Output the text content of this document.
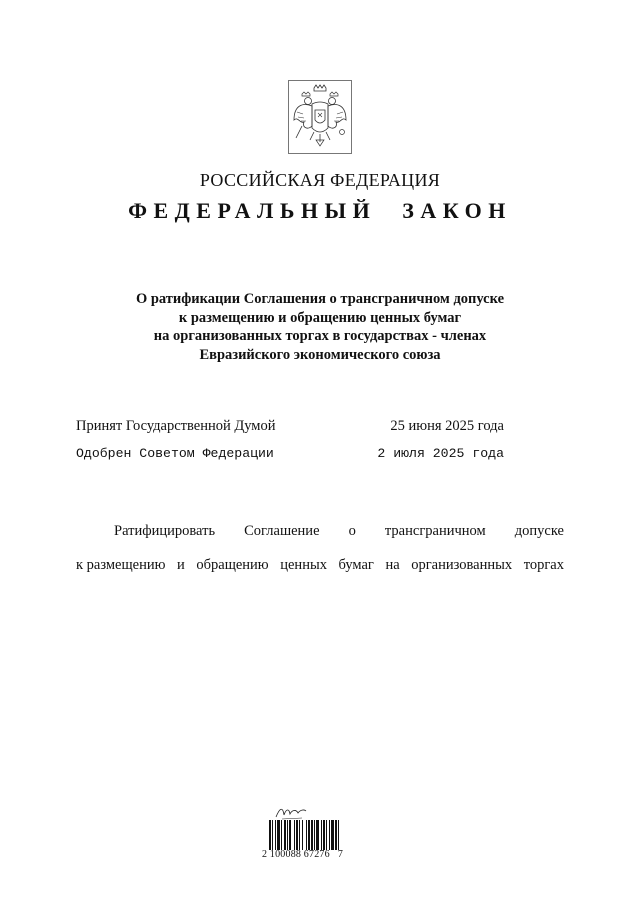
РОССИЙСКАЯ ФЕДЕРАЦИЯ
ФЕДЕРАЛЬНЫЙ ЗАКОН
О ратификации Соглашения о трансграничном допуске
к размещению и обращению ценных бумаг
на организованных торгах в государствах - членах
Евразийского экономического союза
Принят Государственной Думой	25 июня 2025 года
Одобрен Советом Федерации	2 июля 2025 года
Ратифицировать Соглашение о трансграничном допуске
к размещению и обращению ценных бумаг на организованных торгах
2 100088 67276   7
